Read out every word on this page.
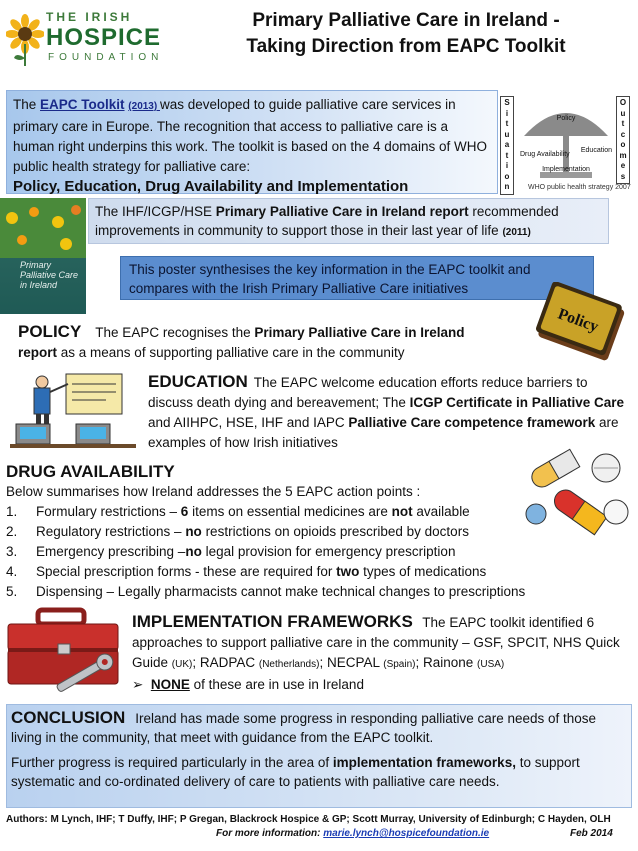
THE IRISH
HOSPICE
FOUNDATION
Primary Palliative Care in Ireland -
Taking Direction from EAPC Toolkit
The EAPC Toolkit (2013) was developed to guide palliative care services in primary care in Europe. The recognition that access to palliative care is a human right underpins this work. The toolkit is based on the 4 domains of WHO public health strategy for palliative care:
Policy, Education, Drug Availability and Implementation
S
i
t
u
a
t
i
o
n
O
u
t
c
o
m
e
s
Policy
Drug Availability
Education
Implementation
WHO public health strategy 2007
Primary Palliative Care in Ireland
The IHF/ICGP/HSE Primary Palliative Care in Ireland report recommended improvements in community to support those in their last year of life (2011)
This poster synthesises the key information in the EAPC toolkit and compares with the Irish Primary Palliative Care initiatives
Policy
POLICY The EAPC recognises the Primary Palliative Care in Ireland
report as a means of supporting palliative care in the community
EDUCATION The EAPC welcome education efforts reduce barriers to discuss death dying and bereavement; The ICGP Certificate in Palliative Care and AIIHPC, HSE, IHF and IAPC Palliative Care competence framework are examples of how Irish initiatives
DRUG AVAILABILITY
Below summarises how Ireland addresses the 5 EAPC action points :
1.	Formulary restrictions – 6 items on essential medicines are not available
2.	Regulatory restrictions – no restrictions on opioids prescribed by doctors
3.	Emergency prescribing –no legal provision for emergency prescription
4.	Special prescription forms - these are required for two types of medications
5.	Dispensing – Legally pharmacists cannot make technical changes to prescriptions
IMPLEMENTATION FRAMEWORKS The EAPC toolkit identified 6 approaches to support palliative care in the community – GSF, SPCIT, NHS Quick Guide (UK); RADPAC (Netherlands); NECPAL (Spain); Rainone (USA)
➢ NONE of these are in use in Ireland
CONCLUSION Ireland has made some progress in responding palliative care needs of those living in the community, that meet with guidance from the EAPC toolkit.
Further progress is required particularly in the area of implementation frameworks, to support systematic and co-ordinated delivery of care to patients with palliative care needs.
Authors: M Lynch, IHF; T Duffy, IHF; P Gregan, Blackrock Hospice & GP; Scott Murray, University of Edinburgh; C Hayden, OLH
For more information: marie.lynch@hospicefoundation.ie	Feb 2014
